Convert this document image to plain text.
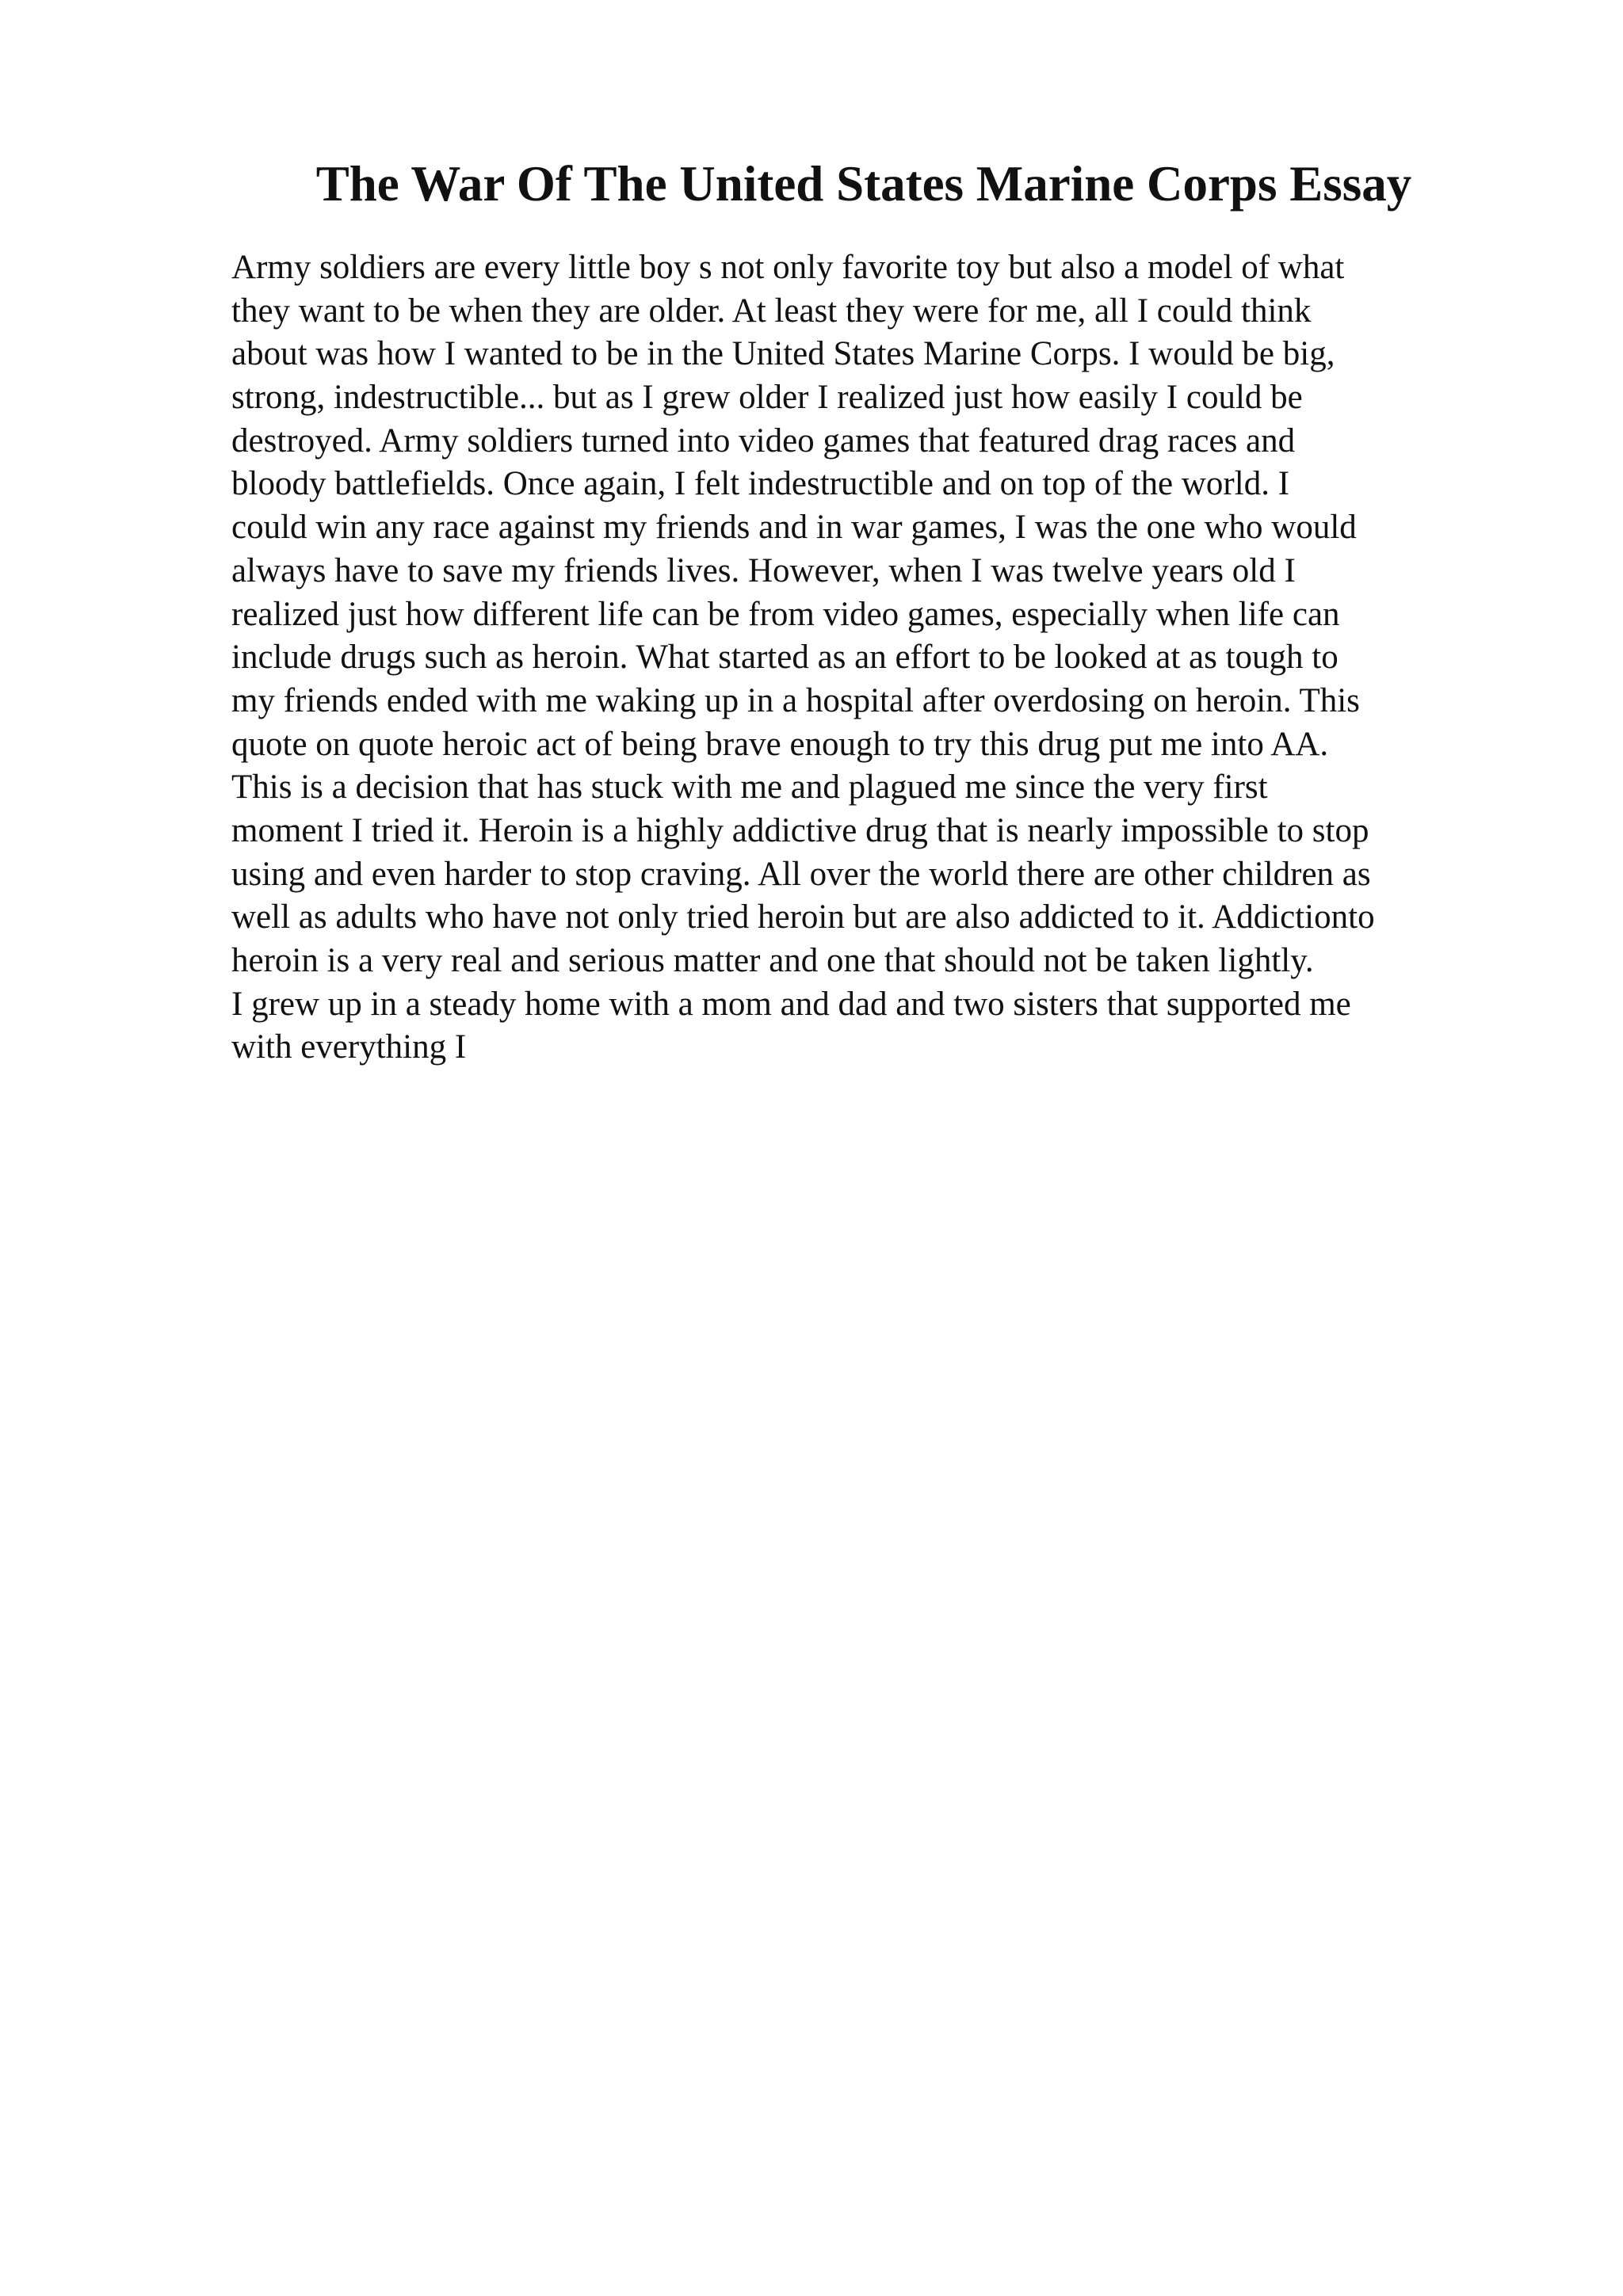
The War Of The United States Marine Corps Essay
Army soldiers are every little boy s not only favorite toy but also a model of what
they want to be when they are older. At least they were for me, all I could think
about was how I wanted to be in the United States Marine Corps. I would be big,
strong, indestructible... but as I grew older I realized just how easily I could be
destroyed. Army soldiers turned into video games that featured drag races and
bloody battlefields. Once again, I felt indestructible and on top of the world. I
could win any race against my friends and in war games, I was the one who would
always have to save my friends lives. However, when I was twelve years old I
realized just how different life can be from video games, especially when life can
include drugs such as heroin. What started as an effort to be looked at as tough to
my friends ended with me waking up in a hospital after overdosing on heroin. This
quote on quote heroic act of being brave enough to try this drug put me into AA.
This is a decision that has stuck with me and plagued me since the very first
moment I tried it. Heroin is a highly addictive drug that is nearly impossible to stop
using and even harder to stop craving. All over the world there are other children as
well as adults who have not only tried heroin but are also addicted to it. Addictionto
heroin is a very real and serious matter and one that should not be taken lightly.
I grew up in a steady home with a mom and dad and two sisters that supported me
with everything I
